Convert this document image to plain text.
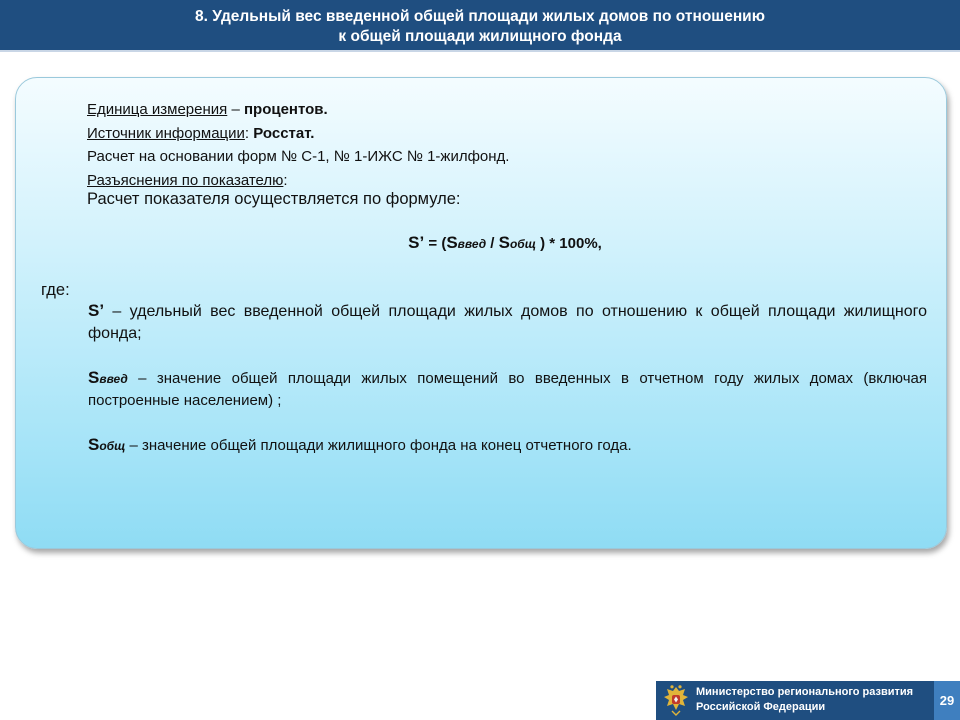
8. Удельный вес введенной общей площади жилых домов по отношению
к общей площади жилищного фонда
Единица измерения – процентов.
Источник информации: Росстат.
Расчет на основании форм № С-1, № 1-ИЖС № 1-жилфонд.
Разъяснения по показателю:
Расчет показателя осуществляется по формуле:
S’ = (Sввед / Sобщ ) * 100%,
где:
S’ – удельный вес введенной общей площади жилых домов по отношению к общей площади жилищного фонда;
Sввед – значение общей площади жилых помещений во введенных в отчетном году жилых домах (включая построенные населением) ;
Sобщ – значение общей площади жилищного фонда на конец отчетного года.
Министерство регионального развития
Российской Федерации	29
